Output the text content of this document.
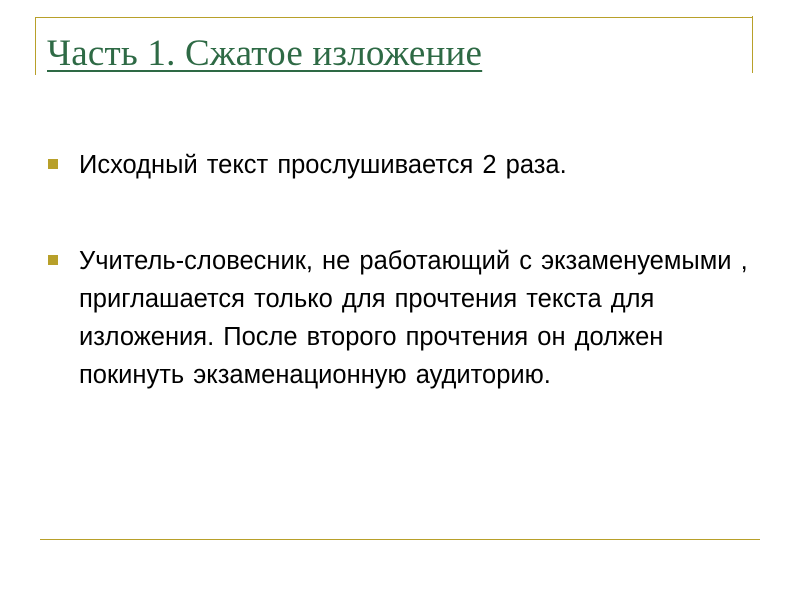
Часть 1. Сжатое изложение
Исходный текст прослушивается 2 раза.
Учитель-словесник, не работающий с экзаменуемыми , приглашается только для прочтения текста для изложения. После второго прочтения он должен покинуть экзаменационную аудиторию.
